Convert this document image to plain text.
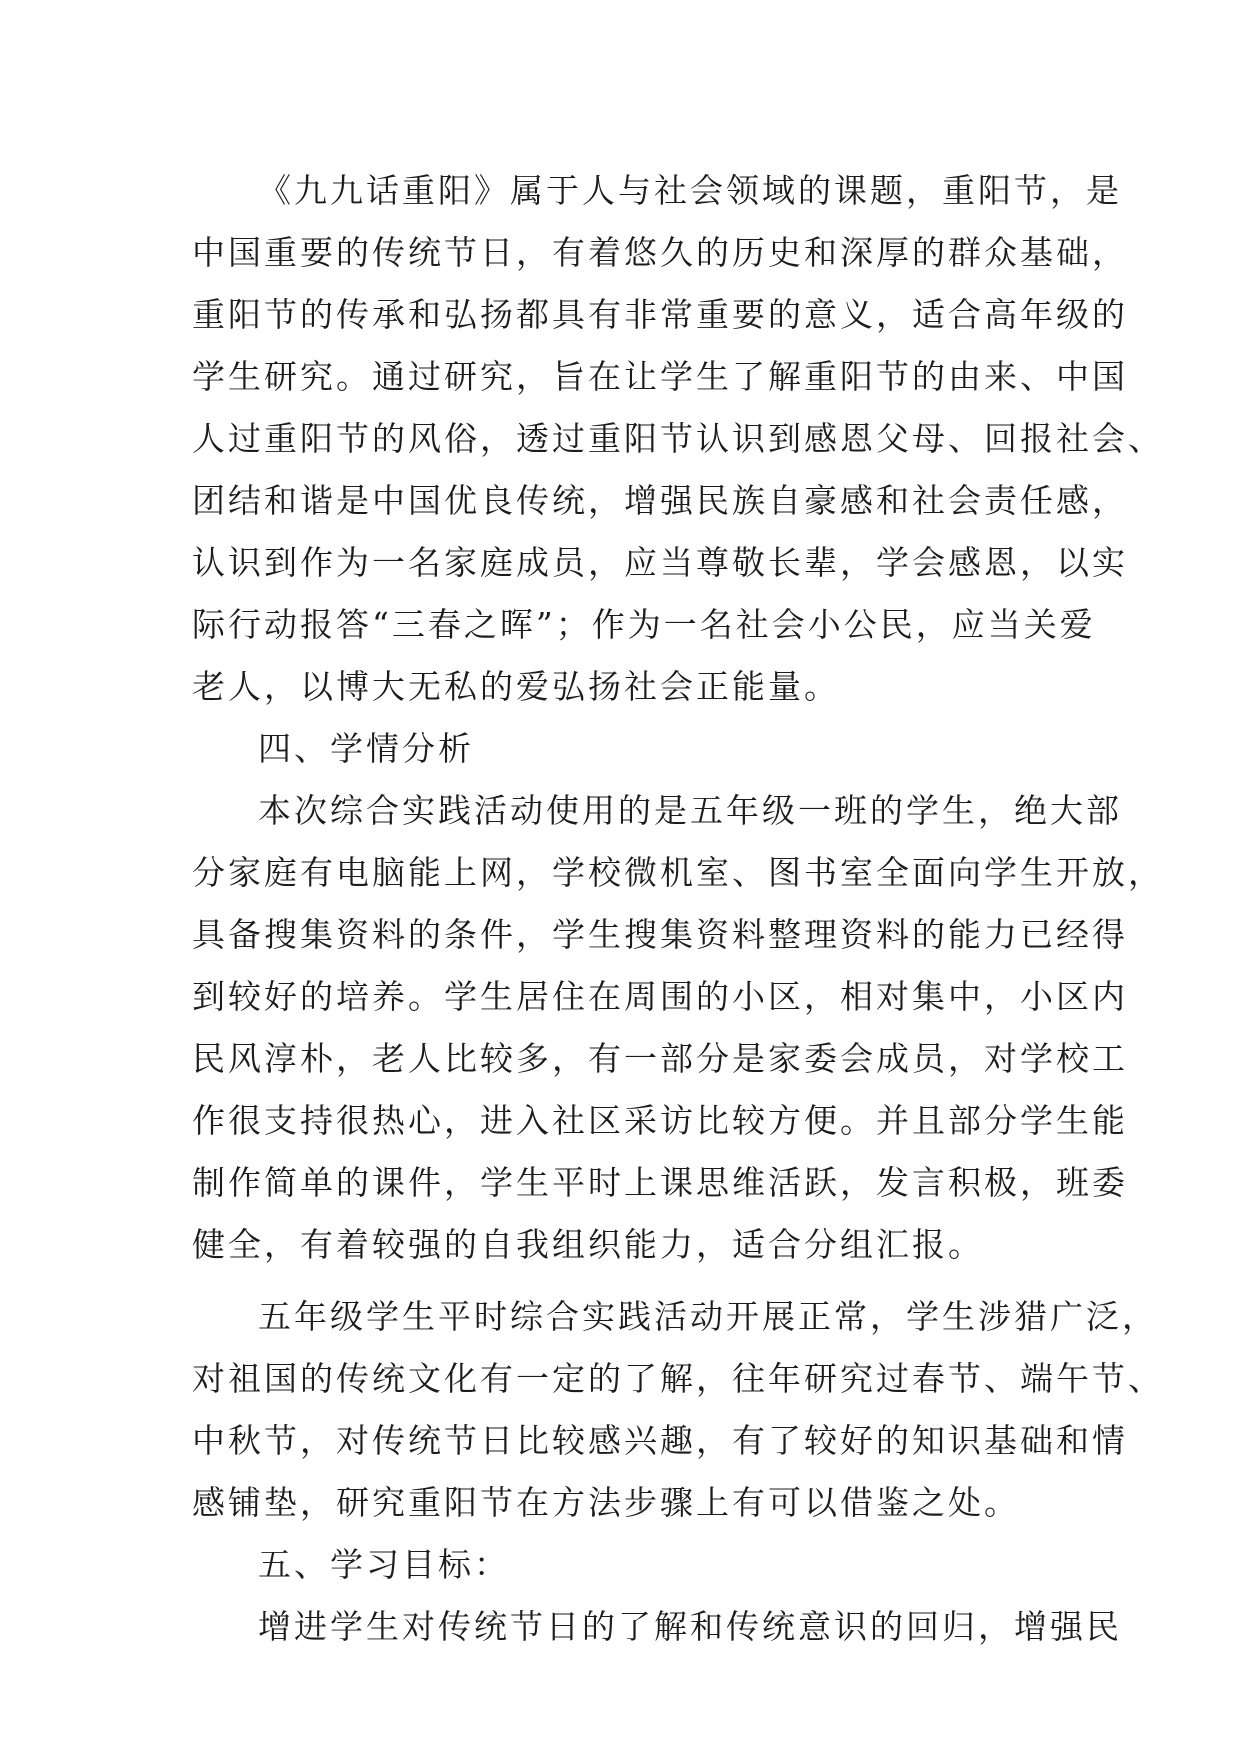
《九九话重阳》属于人与社会领域的课题，重阳节，是
中国重要的传统节日，有着悠久的历史和深厚的群众基础，
重阳节的传承和弘扬都具有非常重要的意义，适合高年级的
学生研究。通过研究，旨在让学生了解重阳节的由来、中国
人过重阳节的风俗，透过重阳节认识到感恩父母、回报社会、
团结和谐是中国优良传统，增强民族自豪感和社会责任感，
认识到作为一名家庭成员，应当尊敬长辈，学会感恩，以实
际行动报答“三春之晖”；作为一名社会小公民，应当关爱
老人，以博大无私的爱弘扬社会正能量。
四、学情分析
本次综合实践活动使用的是五年级一班的学生，绝大部
分家庭有电脑能上网，学校微机室、图书室全面向学生开放，
具备搜集资料的条件，学生搜集资料整理资料的能力已经得
到较好的培养。学生居住在周围的小区，相对集中，小区内
民风淳朴，老人比较多，有一部分是家委会成员，对学校工
作很支持很热心，进入社区采访比较方便。并且部分学生能
制作简单的课件，学生平时上课思维活跃，发言积极，班委
健全，有着较强的自我组织能力，适合分组汇报。
五年级学生平时综合实践活动开展正常，学生涉猎广泛，
对祖国的传统文化有一定的了解，往年研究过春节、端午节、
中秋节，对传统节日比较感兴趣，有了较好的知识基础和情
感铺垫，研究重阳节在方法步骤上有可以借鉴之处。
五、学习目标：
增进学生对传统节日的了解和传统意识的回归，增强民
